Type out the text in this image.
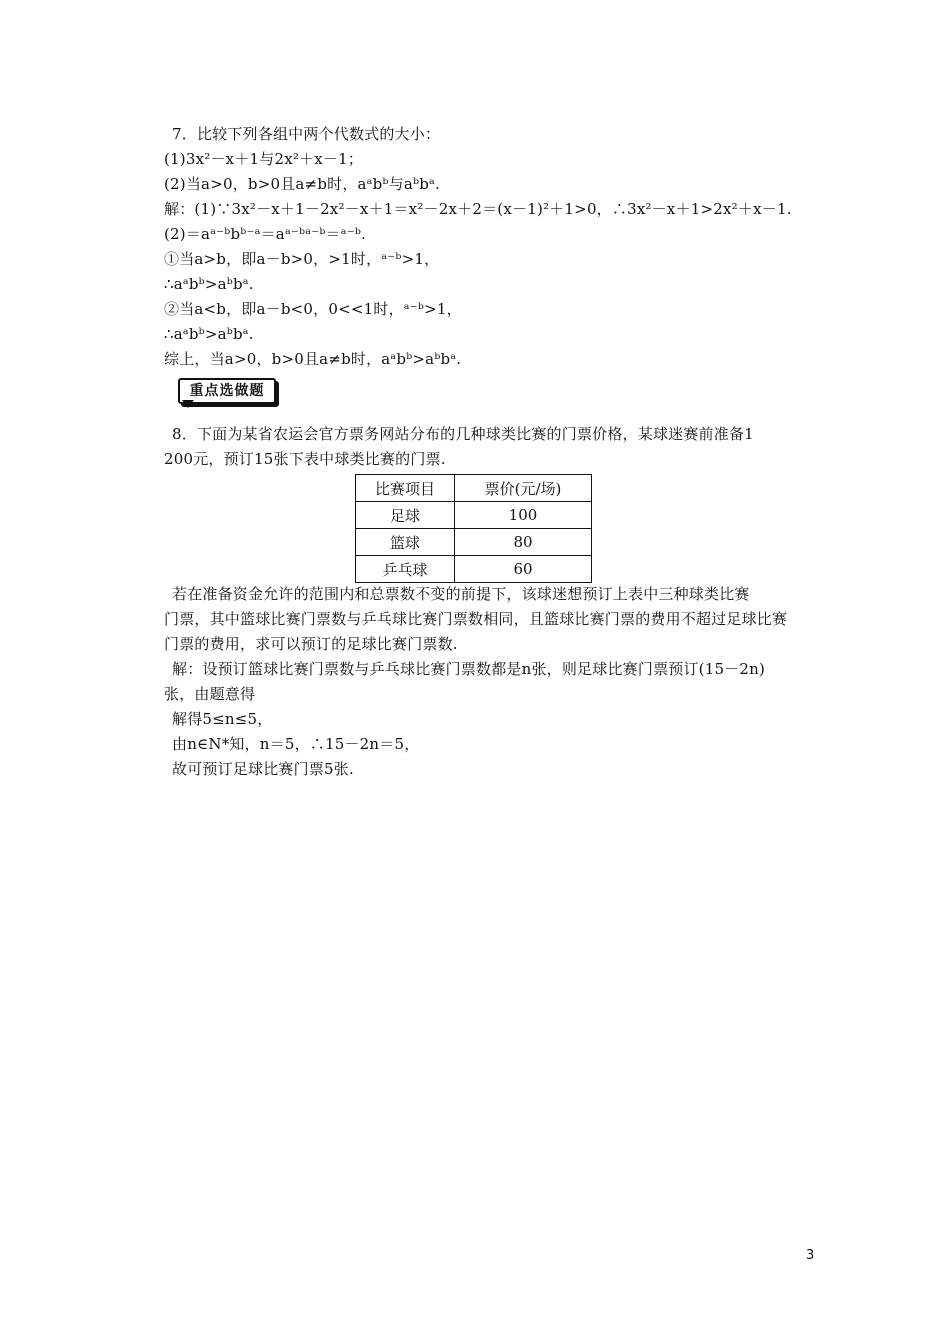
7．比较下列各组中两个代数式的大小：
(1)3x²－x＋1与2x²＋x－1；
(2)当a>0，b>0且a≠b时，aᵃbᵇ与aᵇbᵃ.
解：(1)∵3x²－x＋1－2x²－x＋1＝x²－2x＋2＝(x－1)²＋1>0，∴3x²－x＋1>2x²＋x－1.
(2)＝aᵃ⁻ᵇbᵇ⁻ᵃ＝aᵃ⁻ᵇᵃ⁻ᵇ＝ᵃ⁻ᵇ.
①当a>b，即a－b>0，>1时，ᵃ⁻ᵇ>1，
∴aᵃbᵇ>aᵇbᵃ.
②当a<b，即a－b<0，0<<1时，ᵃ⁻ᵇ>1，
∴aᵃbᵇ>aᵇbᵃ.
综上，当a>0，b>0且a≠b时，aᵃbᵇ>aᵇbᵃ.
重点选做题
8．下面为某省农运会官方票务网站分布的几种球类比赛的门票价格，某球迷赛前准备1
200元，预订15张下表中球类比赛的门票.
比赛项目	票价(元/场)
足球	100
篮球	80
乒乓球	60
若在准备资金允许的范围内和总票数不变的前提下，该球迷想预订上表中三种球类比赛
门票，其中篮球比赛门票数与乒乓球比赛门票数相同，且篮球比赛门票的费用不超过足球比赛
门票的费用，求可以预订的足球比赛门票数.
解：设预订篮球比赛门票数与乒乓球比赛门票数都是n张，则足球比赛门票预订(15－2n)
张，由题意得
解得5≤n≤5，
由n∈N*知，n＝5，∴15－2n＝5，
故可预订足球比赛门票5张.
3
